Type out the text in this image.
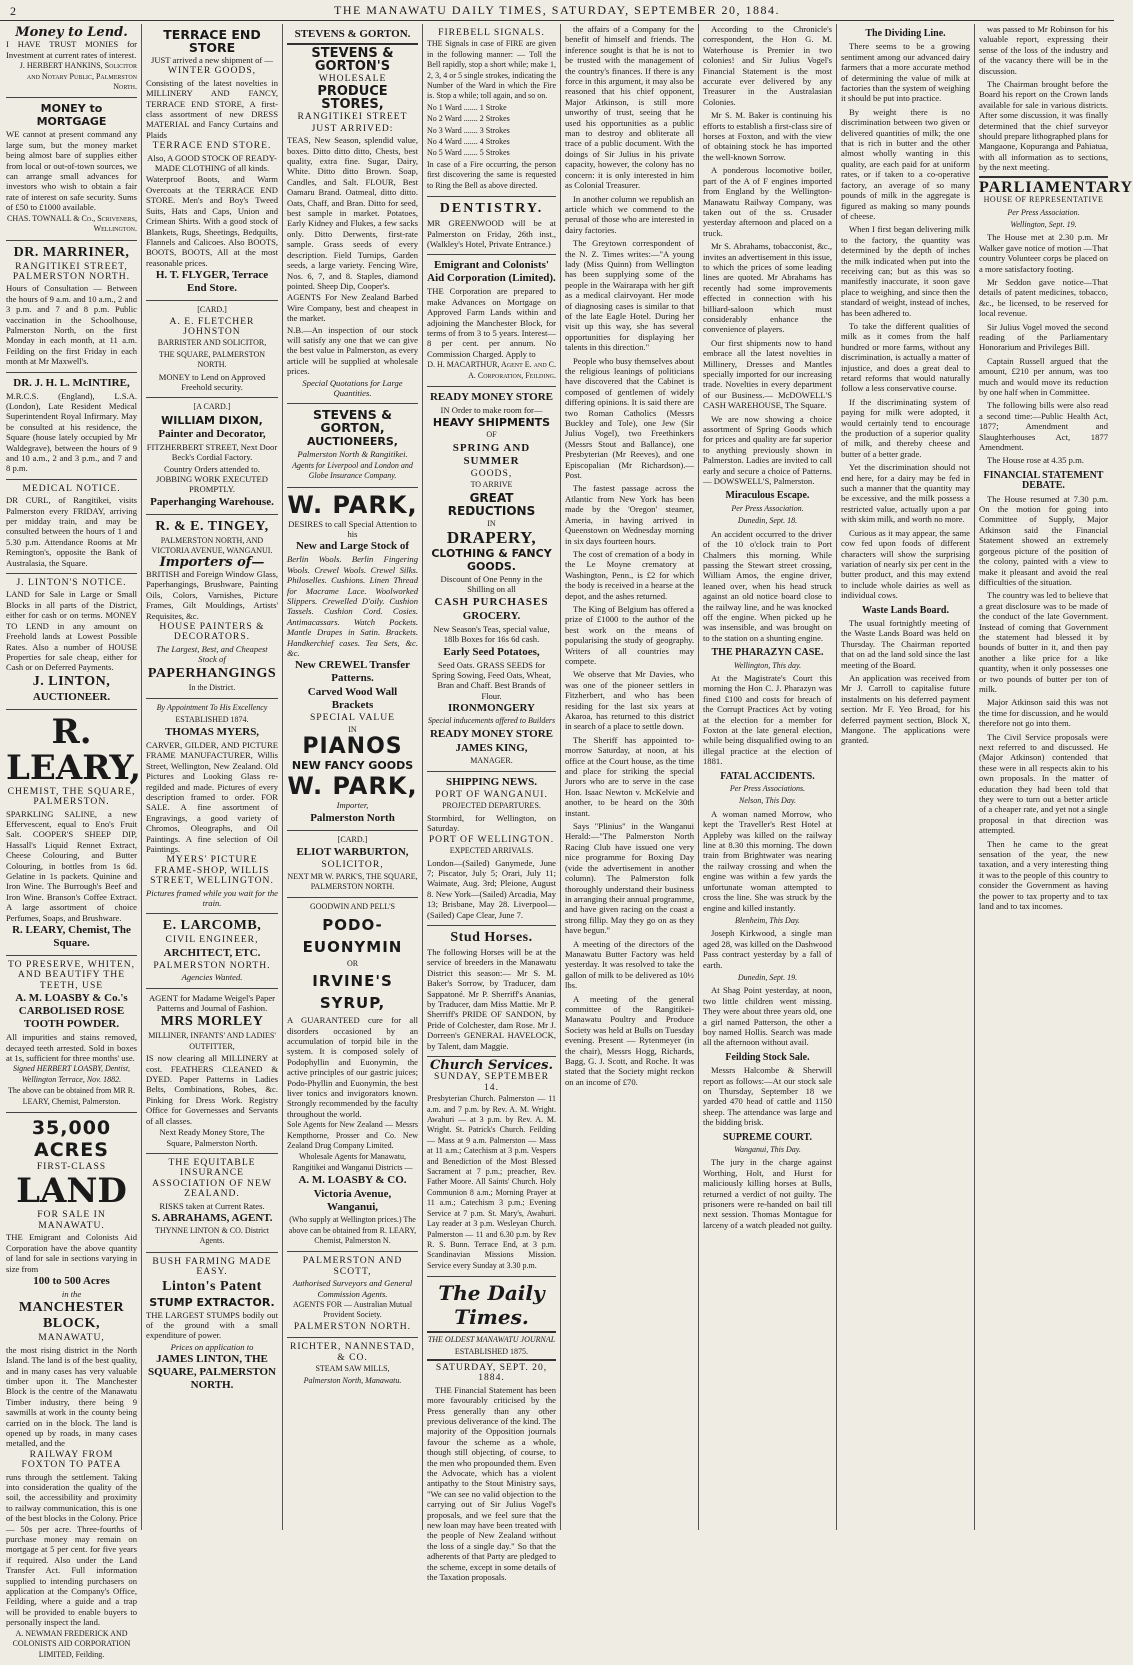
2	THE MANAWATU DAILY TIMES, SATURDAY, SEPTEMBER 20, 1884.

Money to Lend.

I HAVE TRUST MONIES for Investment at current rates of interest.

J. HERBERT HANKINS, Solicitor and Notary Public, Palmerston North.

MONEY to MORTGAGE

WE cannot at present command any large sum, but the money market being almost bare of supplies either from local or out-of-town sources, we can arrange small advances for investors who wish to obtain a fair rate of interest on safe security. Sums of £50 to £1000 available.

CHAS. TOWNALL & Co., Scriveners, Wellington.

DR. MARRINER,

RANGITIKEI STREET, PALMERSTON NORTH.

Hours of Consultation — Between the hours of 9 a.m. and 10 a.m., 2 and 3 p.m. and 7 and 8 p.m. Public vaccination in the Schoolhouse, Palmerston North, on the first Monday in each month, at 11 a.m. Feilding on the first Friday in each month at Mr Maxwell's.

DR. J. H. L. McINTIRE,

M.R.C.S. (England), L.S.A. (London), Late Resident Medical Superintendent Royal Infirmary. May be consulted at his residence, the Square (house lately occupied by Mr Waldegrave), between the hours of 9 and 10 a.m., 2 and 3 p.m., and 7 and 8 p.m.

MEDICAL NOTICE.

DR CURL, of Rangitikei, visits Palmerston every FRIDAY, arriving per midday train, and may be consulted between the hours of 1 and 5.30 p.m. Attendance Rooms at Mr Remington's, opposite the Bank of Australasia, the Square.

J. LINTON'S NOTICE.

LAND for Sale in Large or Small Blocks in all parts of the District, either for cash or on terms. MONEY TO LEND in any amount on Freehold lands at Lowest Possible Rates. Also a number of HOUSE Properties for sale cheap, either for Cash or on Deferred Payments.

J. LINTON,

AUCTIONEER.

R. LEARY,

CHEMIST, THE SQUARE, PALMERSTON.

SPARKLING SALINE, a new Effervescent, equal to Eno's Fruit Salt. COOPER'S SHEEP DIP, Hassall's Liquid Rennet Extract, Cheese Colouring, and Butter Colouring, in bottles from 1s 6d. Gelatine in 1s packets. Quinine and Iron Wine. The Burrough's Beef and Iron Wine. Branson's Coffee Extract. A large assortment of choice Perfumes, Soaps, and Brushware.

R. LEARY, Chemist, The Square.

TO PRESERVE, WHITEN, AND BEAUTIFY THE TEETH, USE

A. M. LOASBY & Co.'s CARBOLISED ROSE TOOTH POWDER.

All impurities and stains removed, decayed teeth arrested. Sold in boxes at 1s, sufficient for three months' use.

Signed HERBERT LOASBY, Dentist, Wellington Terrace, Nov. 1882.

The above can be obtained from MR R. LEARY, Chemist, Palmerston.

35,000 ACRES

FIRST-CLASS

LAND

FOR SALE IN MANAWATU.

THE Emigrant and Colonists Aid Corporation have the above quantity of land for sale in sections varying in size from

100 to 500 Acres

in the

MANCHESTER BLOCK,

MANAWATU,

the most rising district in the North Island. The land is of the best quality, and in many cases has very valuable timber upon it. The Manchester Block is the centre of the Manawatu Timber industry, there being 9 sawmills at work in the county being carried on in the block. The land is opened up by roads, in many cases metalled, and the

RAILWAY FROM FOXTON TO PATEA

runs through the settlement. Taking into consideration the quality of the soil, the accessibility and proximity to railway communication, this is one of the best blocks in the Colony. Price — 50s per acre. Three-fourths of purchase money may remain on mortgage at 5 per cent. for five years if required. Also under the Land Transfer Act. Full information supplied to intending purchasers on application at the Company's Office, Feilding, where a guide and a trap will be provided to enable buyers to personally inspect the land.

A. NEWMAN FREDERICK AND COLONISTS AID CORPORATION LIMITED, Feilding.

TERRACE END STORE

JUST arrived a new shipment of —

WINTER GOODS,

Consisting of the latest novelties in MILLINERY AND FANCY, TERRACE END STORE, A first-class assortment of new DRESS MATERIAL and Fancy Curtains and Plaids

TERRACE END STORE.

Also, A GOOD STOCK OF READY-MADE CLOTHING of all kinds.

Waterproof Boots, and Warm Overcoats at the TERRACE END STORE. Men's and Boy's Tweed Suits, Hats and Caps, Union and Crimean Shirts. With a good stock of Blankets, Rugs, Sheetings, Bedquilts, Flannels and Calicoes. Also BOOTS, BOOTS, BOOTS, All at the most reasonable prices.

H. T. FLYGER, Terrace End Store.

[CARD.]

A. E. FLETCHER JOHNSTON

BARRISTER AND SOLICITOR,

THE SQUARE, PALMERSTON NORTH.

MONEY to Lend on Approved Freehold security.

[A CARD.]

WILLIAM DIXON,

Painter and Decorator,

FITZHERBERT STREET, Next Door Beck's Cordial Factory.

Country Orders attended to. JOBBING WORK EXECUTED PROMPTLY.

Paperhanging Warehouse.

R. & E. TINGEY,

PALMERSTON NORTH, AND VICTORIA AVENUE, WANGANUI.

Importers of—

BRITISH and Foreign Window Glass, Paperhangings, Brushware, Painting Oils, Colors, Varnishes, Picture Frames, Gilt Mouldings, Artists' Requisites, &c.

HOUSE PAINTERS & DECORATORS.

The Largest, Best, and Cheapest Stock of

PAPERHANGINGS

In the District.

By Appointment To His Excellency

ESTABLISHED 1874.

THOMAS MYERS,

CARVER, GILDER, AND PICTURE FRAME MANUFACTURER, Willis Street, Wellington, New Zealand. Old Pictures and Looking Glass re-regilded and made. Pictures of every description framed to order. FOR SALE. A fine assortment of Engravings, a good variety of Chromos, Oleographs, and Oil Paintings. A fine selection of Oil Paintings.

MYERS' PICTURE FRAME-SHOP, WILLIS STREET, WELLINGTON.

Pictures framed while you wait for the train.

E. LARCOMB,

CIVIL ENGINEER,

ARCHITECT, ETC.

PALMERSTON NORTH.

Agencies Wanted.

AGENT for Madame Weigel's Paper Patterns and Journal of Fashion.

MRS MORLEY

MILLINER, INFANTS' AND LADIES' OUTFITTER,

IS now clearing all MILLINERY at cost. FEATHERS CLEANED & DYED. Paper Patterns in Ladies Belts, Combinations, Robes, &c. Pinking for Dress Work. Registry Office for Governesses and Servants of all classes.

Next Ready Money Store, The Square, Palmerston North.

THE EQUITABLE INSURANCE ASSOCIATION OF NEW ZEALAND.

RISKS taken at Current Rates.

S. ABRAHAMS, AGENT.

THYNNE LINTON & CO. District Agents.

BUSH FARMING MADE EASY.

Linton's Patent

STUMP EXTRACTOR.

THE LARGEST STUMPS bodily out of the ground with a small expenditure of power.

Prices on application to

JAMES LINTON, THE SQUARE, PALMERSTON NORTH.

STEVENS & GORTON.

STEVENS & GORTON'S

WHOLESALE

PRODUCE STORES,

RANGITIKEI STREET

JUST ARRIVED:

TEAS, New Season, splendid value, boxes. Ditto ditto ditto, Chests, best quality, extra fine. Sugar, Dairy, White. Ditto ditto Brown. Soap, Candles, and Salt. FLOUR, Best Oamaru Brand. Oatmeal, ditto ditto. Oats, Chaff, and Bran. Ditto for seed, best sample in market. Potatoes, Early Kidney and Flukes, a few sacks only. Ditto Derwents, first-rate sample. Grass seeds of every description. Field Turnips, Garden seeds, a large variety. Fencing Wire, Nos. 6, 7, and 8. Staples, diamond pointed. Sheep Dip, Cooper's.

AGENTS For New Zealand Barbed Wire Company, best and cheapest in the market.

N.B.—An inspection of our stock will satisfy any one that we can give the best value in Palmerston, as every article will be supplied at wholesale prices.

Special Quotations for Large Quantities.

STEVENS & GORTON,

AUCTIONEERS,

Palmerston North & Rangitikei.

Agents for Liverpool and London and Globe Insurance Company.

W. PARK,

DESIRES to call Special Attention to his

New and Large Stock of

Berlin Wools. Berlin Fingering Wools. Crewel Wools. Crewel Silks. Philoselles. Cushions. Linen Thread for Macrame Lace. Woolworked Slippers. Crewelled D'oily. Cushion Tassels. Cushion Cord. Cosies. Antimacassars. Watch Pockets. Mantle Drapes in Satin. Brackets. Handkerchief cases. Tea Sets, &c. &c.

New CREWEL Transfer Patterns.

Carved Wood Wall Brackets

SPECIAL VALUE

IN

PIANOS

NEW FANCY GOODS

W. PARK,

Importer,

Palmerston North

[CARD.]

ELIOT WARBURTON,

SOLICITOR,

NEXT MR W. PARK'S, THE SQUARE, PALMERSTON NORTH.

GOODWIN AND PELL'S

PODO-EUONYMIN

OR

IRVINE'S SYRUP,

A GUARANTEED cure for all disorders occasioned by an accumulation of torpid bile in the system. It is composed solely of Podophyllin and Euonymin, the active principles of our gastric juices; Podo-Phyllin and Euonymin, the best liver tonics and invigorators known. Strongly recommended by the faculty throughout the world.

Sole Agents for New Zealand — Messrs Kempthorne, Prosser and Co. New Zealand Drug Company Limited.

Wholesale Agents for Manawatu, Rangitikei and Wanganui Districts —

A. M. LOASBY & CO.

Victoria Avenue, Wanganui,

(Who supply at Wellington prices.) The above can be obtained from R. LEARY, Chemist, Palmerston N.

PALMERSTON AND SCOTT,

Authorised Surveyors and General Commission Agents.

AGENTS FOR — Australian Mutual Provident Society.

PALMERSTON NORTH.

RICHTER, NANNESTAD, & CO.

STEAM SAW MILLS,

Palmerston North, Manawatu.

FIREBELL SIGNALS.

THE Signals in case of FIRE are given in the following manner: — Toll the Bell rapidly, stop a short while; make 1, 2, 3, 4 or 5 single strokes, indicating the Number of the Ward in which the Fire is. Stop a while; toll again, and so on.

No 1 Ward ....... 1 Stroke

No 2 Ward ....... 2 Strokes

No 3 Ward ....... 3 Strokes

No 4 Ward ....... 4 Strokes

No 5 Ward ....... 5 Strokes

In case of a Fire occurring, the person first discovering the same is requested to Ring the Bell as above directed.

DENTISTRY.

MR GREENWOOD will be at Palmerston on Friday, 26th inst., (Walkley's Hotel, Private Entrance.)

Emigrant and Colonists' Aid Corporation (Limited).

THE Corporation are prepared to make Advances on Mortgage on Approved Farm Lands within and adjoining the Manchester Block, for terms of from 3 to 5 years. Interest—8 per cent. per annum. No Commission Charged. Apply to

D. H. MACARTHUR, Agent E. and C. A. Corporation, Feilding.

READY MONEY STORE

IN Order to make room for—

HEAVY SHIPMENTS

OF

SPRING AND SUMMER

GOODS,

TO ARRIVE

GREAT REDUCTIONS

IN

DRAPERY,

CLOTHING & FANCY GOODS.

Discount of One Penny in the Shilling on all

CASH PURCHASES

GROCERY.

New Season's Teas, special value, 18lb Boxes for 16s 6d cash.

Early Seed Potatoes,

Seed Oats. GRASS SEEDS for Spring Sowing, Feed Oats, Wheat, Bran and Chaff. Best Brands of Flour.

IRONMONGERY

Special inducements offered to Builders

READY MONEY STORE

JAMES KING,

MANAGER.

SHIPPING NEWS.

PORT OF WANGANUI.

PROJECTED DEPARTURES.

Stormbird, for Wellington, on Saturday.

PORT OF WELLINGTON.

EXPECTED ARRIVALS.

London—(Sailed) Ganymede, June 7; Piscator, July 5; Orari, July 11; Waimate, Aug. 3rd; Pleione, August 8. New York—(Sailed) Arcadia, May 13; Brisbane, May 28. Liverpool—(Sailed) Cape Clear, June 7.

Stud Horses.

The following Horses will be at the service of breeders in the Manawatu District this season:— Mr S. M. Baker's Sorrow, by Traducer, dam Sappatoné. Mr P. Sherriff's Ananias, by Traducer, dam Miss Mattie. Mr P. Sherriff's PRIDE OF SANDON, by Pride of Colchester, dam Rose. Mr J. Dorreen's GENERAL HAVELOCK, by Talent, dam Maggie.

Church Services.

SUNDAY, SEPTEMBER 14.

Presbyterian Church. Palmerston — 11 a.m. and 7 p.m. by Rev. A. M. Wright. Awahuri — at 3 p.m. by Rev. A. M. Wright. St. Patrick's Church. Feilding — Mass at 9 a.m. Palmerston — Mass at 11 a.m.; Catechism at 3 p.m. Vespers and Benediction of the Most Blessed Sacrament at 7 p.m.; preacher, Rev. Father Moore. All Saints' Church. Holy Communion 8 a.m.; Morning Prayer at 11 a.m.; Catechism 3 p.m.; Evening Service at 7 p.m. St. Mary's, Awahuri. Lay reader at 3 p.m. Wesleyan Church. Palmerston — 11 and 6.30 p.m. by Rev R. S. Bunn. Terrace End, at 3 p.m. Scandinavian Missions Mission. Service every Sunday at 3.30 p.m.

The Daily Times.

THE OLDEST MANAWATU JOURNAL

ESTABLISHED 1875.

SATURDAY, SEPT. 20, 1884.

THE Financial Statement has been more favourably criticised by the Press generally than any other previous deliverance of the kind. The majority of the Opposition journals favour the scheme as a whole, though still objecting, of course, to the men who propounded them. Even the Advocate, which has a violent antipathy to the Stout Ministry says, "We can see no valid objection to the carrying out of Sir Julius Vogel's proposals, and we feel sure that the new loan may have been treated with the people of New Zealand without the loss of a single day." So that the adherents of that Party are pledged to the scheme, except in some details of the Taxation proposals.

the affairs of a Company for the benefit of himself and friends. The inference sought is that he is not to be trusted with the management of the country's finances. If there is any force in this argument, it may also be reasoned that his chief opponent, Major Atkinson, is still more unworthy of trust, seeing that he used his opportunities as a public man to destroy and obliterate all trace of a public document. With the doings of Sir Julius in his private capacity, however, the colony has no concern: it is only interested in him as Colonial Treasurer.

In another column we republish an article which we commend to the perusal of those who are interested in dairy factories.

The Greytown correspondent of the N. Z. Times writes:—"A young lady (Miss Quinn) from Wellington has been supplying some of the people in the Wairarapa with her gift as a medical clairvoyant. Her mode of diagnosing cases is similar to that of the late Eagle Hotel. During her visit up this way, she has several opportunities for displaying her talents in this direction."

People who busy themselves about the religious leanings of politicians have discovered that the Cabinet is composed of gentlemen of widely differing opinions. It is said there are two Roman Catholics (Messrs Buckley and Tole), one Jew (Sir Julius Vogel), two Freethinkers (Messrs Stout and Ballance), one Presbyterian (Mr Reeves), and one Episcopalian (Mr Richardson).— Post.

The fastest passage across the Atlantic from New York has been made by the 'Oregon' steamer, Ameria, in having arrived in Queenstown on Wednesday morning in six days fourteen hours.

The cost of cremation of a body in the Le Moyne crematory at Washington, Penn., is £2 for which the body is received in a hearse at the depot, and the ashes returned.

The King of Belgium has offered a prize of £1000 to the author of the best work on the means of popularising the study of geography. Writers of all countries may compete.

We observe that Mr Davies, who was one of the pioneer settlers in Fitzherbert, and who has been residing for the last six years at Akaroa, has returned to this district in search of a place to settle down.

The Sheriff has appointed to-morrow Saturday, at noon, at his office at the Court house, as the time and place for striking the special Jurors who are to serve in the case Hon. Isaac Newton v. McKelvie and another, to be heard on the 30th instant.

Says "Plinius" in the Wanganui Herald:—"The Palmerston North Racing Club have issued one very nice programme for Boxing Day (vide the advertisement in another column). The Palmerston folk thoroughly understand their business in arranging their annual programme, and have given racing on the coast a strong fillip. May they go on as they have begun."

A meeting of the directors of the Manawatu Butter Factory was held yesterday. It was resolved to take the gallon of milk to be delivered as 10½ lbs.

A meeting of the general committee of the Rangitikei-Manawatu Poultry and Produce Society was held at Bulls on Tuesday evening. Present — Rytenmeyer (in the chair), Messrs Hogg, Richards, Bagg, G. J. Scott, and Roche. It was stated that the Society might reckon on an income of £70.

According to the Chronicle's correspondent, the Hon G. M. Waterhouse is Premier in two colonies! and Sir Julius Vogel's Financial Statement is the most accurate ever delivered by any Treasurer in the Australasian Colonies.

Mr S. M. Baker is continuing his efforts to establish a first-class sire of horses at Foxton, and with the view of obtaining stock he has imported the well-known Sorrow.

A ponderous locomotive boiler, part of the A of F engines imported from England by the Wellington-Manawatu Railway Company, was taken out of the ss. Crusader yesterday afternoon and placed on a truck.

Mr S. Abrahams, tobacconist, &c., invites an advertisement in this issue, to which the prices of some leading lines are quoted. Mr Abrahams has recently had some improvements effected in connection with his billiard-saloon which must considerably enhance the convenience of players.

Our first shipments now to hand embrace all the latest novelties in Millinery, Dresses and Mantles specially imported for our increasing trade. Novelties in every department of our Business.— McDOWELL'S CASH WAREHOUSE, The Square.

We are now showing a choice assortment of Spring Goods which for prices and quality are far superior to anything previously shown in Palmerston. Ladies are invited to call early and secure a choice of Patterns.— DOWSWELL'S, Palmerston.

Miraculous Escape.
Per Press Association.
Dunedin, Sept. 18.

An accident occurred to the driver of the 10 o'clock train to Port Chalmers this morning. While passing the Stewart street crossing, William Amos, the engine driver, leaned over, when his head struck against an old notice board close to the railway line, and he was knocked off the engine. When picked up he was insensible, and was brought on to the station on a shunting engine.

THE PHARAZYN CASE.
Wellington, This day.

At the Magistrate's Court this morning the Hon C. J. Pharazyn was fined £100 and costs for breach of the Corrupt Practices Act by voting at the election for a member for Foxton at the late general election, while being disqualified owing to an illegal practice at the election of 1881.

FATAL ACCIDENTS.
Per Press Associations.
Nelson, This Day.

A woman named Morrow, who kept the Traveller's Rest Hotel at Appleby was killed on the railway line at 8.30 this morning. The down train from Brightwater was nearing the railway crossing and when the engine was within a few yards the unfortunate woman attempted to cross the line. She was struck by the engine and killed instantly.

Blenheim, This Day.

Joseph Kirkwood, a single man aged 28, was killed on the Dashwood Pass contract yesterday by a fall of earth.

Dunedin, Sept. 19.

At Shag Point yesterday, at noon, two little children went missing. They were about three years old, one a girl named Patterson, the other a boy named Hollis. Search was made all the afternoon without avail.

Feilding Stock Sale.

Messrs Halcombe & Sherwill report as follows:—At our stock sale on Thursday, September 18 we yarded 470 head of cattle and 1150 sheep. The attendance was large and the bidding brisk.

SUPREME COURT.
Wanganui, This Day.

The jury in the charge against Worthing, Holt, and Hurst for maliciously killing horses at Bulls, returned a verdict of not guilty. The prisoners were re-handed on bail till next session. Thomas Montague for larceny of a watch pleaded not guilty.

The Dividing Line.

There seems to be a growing sentiment among our advanced dairy farmers that a more accurate method of determining the value of milk at factories than the system of weighing it should be put into practice.

By weight there is no discrimination between two given or delivered quantities of milk; the one that is rich in butter and the other almost wholly wanting in this quality, are each paid for at uniform rates, or if taken to a co-operative factory, an average of so many pounds of milk in the aggregate is figured as making so many pounds of cheese.

When I first began delivering milk to the factory, the quantity was determined by the depth of inches the milk indicated when put into the receiving can; but as this was so manifestly inaccurate, it soon gave place to weighing, and since then the standard of weight, instead of inches, has been adhered to.

To take the different qualities of milk as it comes from the half hundred or more farms, without any discrimination, is actually a matter of injustice, and does a great deal to retard reforms that would naturally follow a less conservative course.

If the discriminating system of paying for milk were adopted, it would certainly tend to encourage the production of a superior quality of milk, and thereby cheese and butter of a better grade.

Yet the discrimination should not end here, for a dairy may be fed in such a manner that the quantity may be excessive, and the milk possess a restricted value, actually upon a par with skim milk, and worth no more.

Curious as it may appear, the same cow fed upon foods of different characters will show the surprising variation of nearly six per cent in the butter product, and this may extend to include whole dairies as well as individual cows.

Waste Lands Board.

The usual fortnightly meeting of the Waste Lands Board was held on Thursday. The Chairman reported that on ad the land sold since the last meeting of the Board.

An application was received from Mr J. Carroll to capitalise future instalments on his deferred payment section. Mr F. Yeo Broad, for his deferred payment section, Block X, Mangone. The applications were granted.

was passed to Mr Robinson for his valuable report, expressing their sense of the loss of the industry and of the vacancy there will be in the discussion.

The Chairman brought before the Board his report on the Crown lands available for sale in various districts. After some discussion, it was finally determined that the chief surveyor should prepare lithographed plans for Mangaone, Kopuranga and Pahiatua, with all information as to sections, by the next meeting.

PARLIAMENTARY
HOUSE OF REPRESENTATIVE
Per Press Association.
Wellington, Sept. 19.

The House met at 2.30 p.m. Mr Walker gave notice of motion —That country Volunteer corps be placed on a more satisfactory footing.

Mr Seddon gave notice—That details of patent medicines, tobacco, &c., be licensed, to be reserved for local revenue.

Sir Julius Vogel moved the second reading of the Parliamentary Honorarium and Privileges Bill.

Captain Russell argued that the amount, £210 per annum, was too much and would move its reduction by one half when in Committee.

The following bills were also read a second time:—Public Health Act, 1877; Amendment and Slaughterhouses Act, 1877 Amendment.

The House rose at 4.35 p.m.

FINANCIAL STATEMENT DEBATE.

The House resumed at 7.30 p.m. On the motion for going into Committee of Supply, Major Atkinson said the Financial Statement showed an extremely gorgeous picture of the position of the colony, painted with a view to make it pleasant and avoid the real difficulties of the situation.

The country was led to believe that a great disclosure was to be made of the conduct of the late Government. Instead of coming that Government the statement had blessed it by bounds of butter in it, and then pay another a like price for a like quantity, when it only possesses one or two pounds of butter per ton of milk.

Major Atkinson said this was not the time for discussion, and he would therefore not go into them.

The Civil Service proposals were next referred to and discussed. He (Major Atkinson) contended that these were in all respects akin to his own proposals. In the matter of education they had been told that they were to turn out a better article of a cheaper rate, and yet not a single proposal in that direction was attempted.

Then he came to the great sensation of the year, the new taxation, and a very interesting thing it was to the people of this country to consider the Government as having the power to tax property and to tax land and to tax incomes.
